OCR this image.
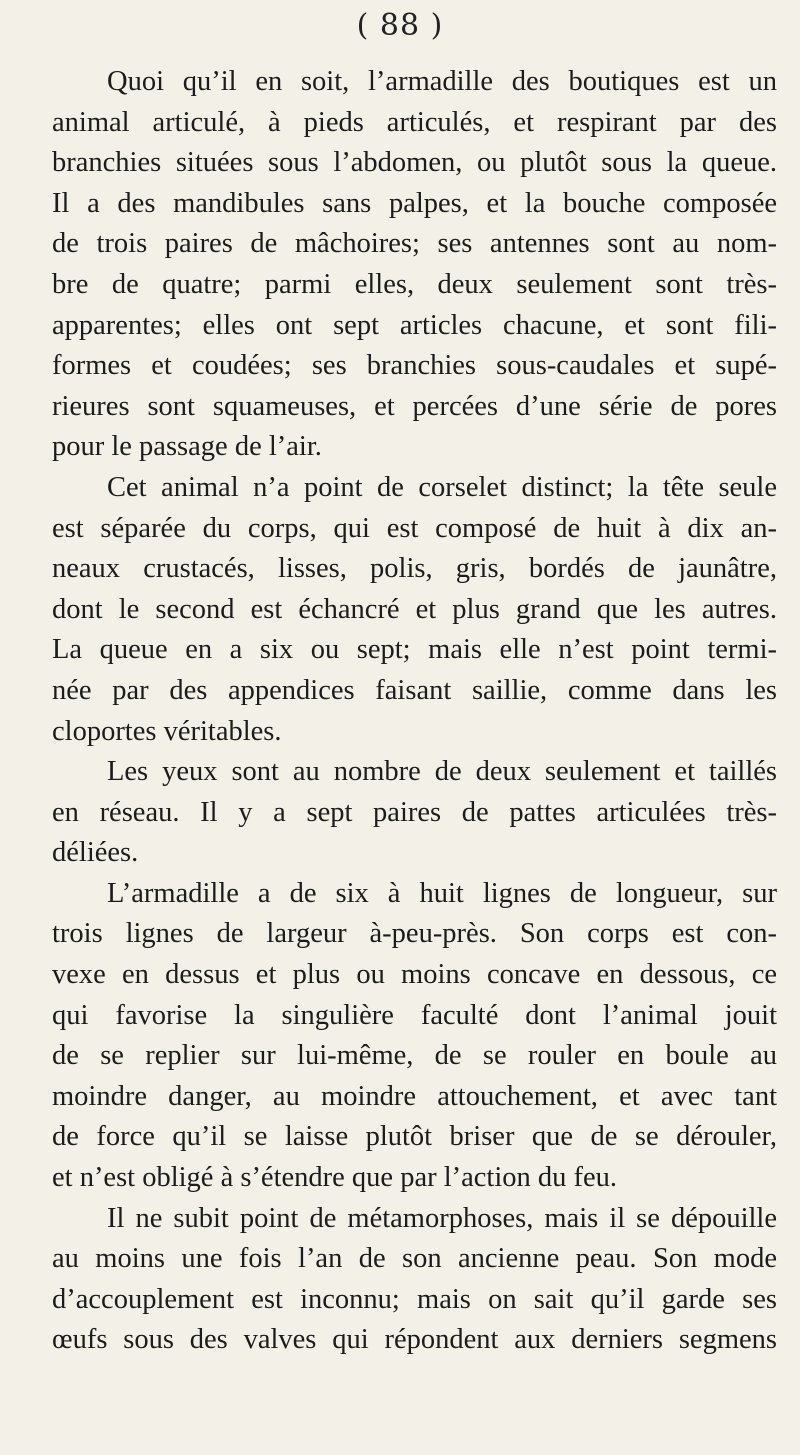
( 88 )
Quoi qu’il en soit, l’armadille des boutiques est un
animal articulé, à pieds articulés, et respirant par des
branchies situées sous l’abdomen, ou plutôt sous la queue.
Il a des mandibules sans palpes, et la bouche composée
de trois paires de mâchoires; ses antennes sont au nom-
bre de quatre; parmi elles, deux seulement sont très-
apparentes; elles ont sept articles chacune, et sont fili-
formes et coudées; ses branchies sous-caudales et supé-
rieures sont squameuses, et percées d’une série de pores
pour le passage de l’air.
Cet animal n’a point de corselet distinct; la tête seule
est séparée du corps, qui est composé de huit à dix an-
neaux crustacés, lisses, polis, gris, bordés de jaunâtre,
dont le second est échancré et plus grand que les autres.
La queue en a six ou sept; mais elle n’est point termi-
née par des appendices faisant saillie, comme dans les
cloportes véritables.
Les yeux sont au nombre de deux seulement et taillés
en réseau. Il y a sept paires de pattes articulées très-
déliées.
L’armadille a de six à huit lignes de longueur, sur
trois lignes de largeur à-peu-près. Son corps est con-
vexe en dessus et plus ou moins concave en dessous, ce
qui favorise la singulière faculté dont l’animal jouit
de se replier sur lui-même, de se rouler en boule au
moindre danger, au moindre attouchement, et avec tant
de force qu’il se laisse plutôt briser que de se dérouler,
et n’est obligé à s’étendre que par l’action du feu.
Il ne subit point de métamorphoses, mais il se dépouille
au moins une fois l’an de son ancienne peau. Son mode
d’accouplement est inconnu; mais on sait qu’il garde ses
œufs sous des valves qui répondent aux derniers segmens
